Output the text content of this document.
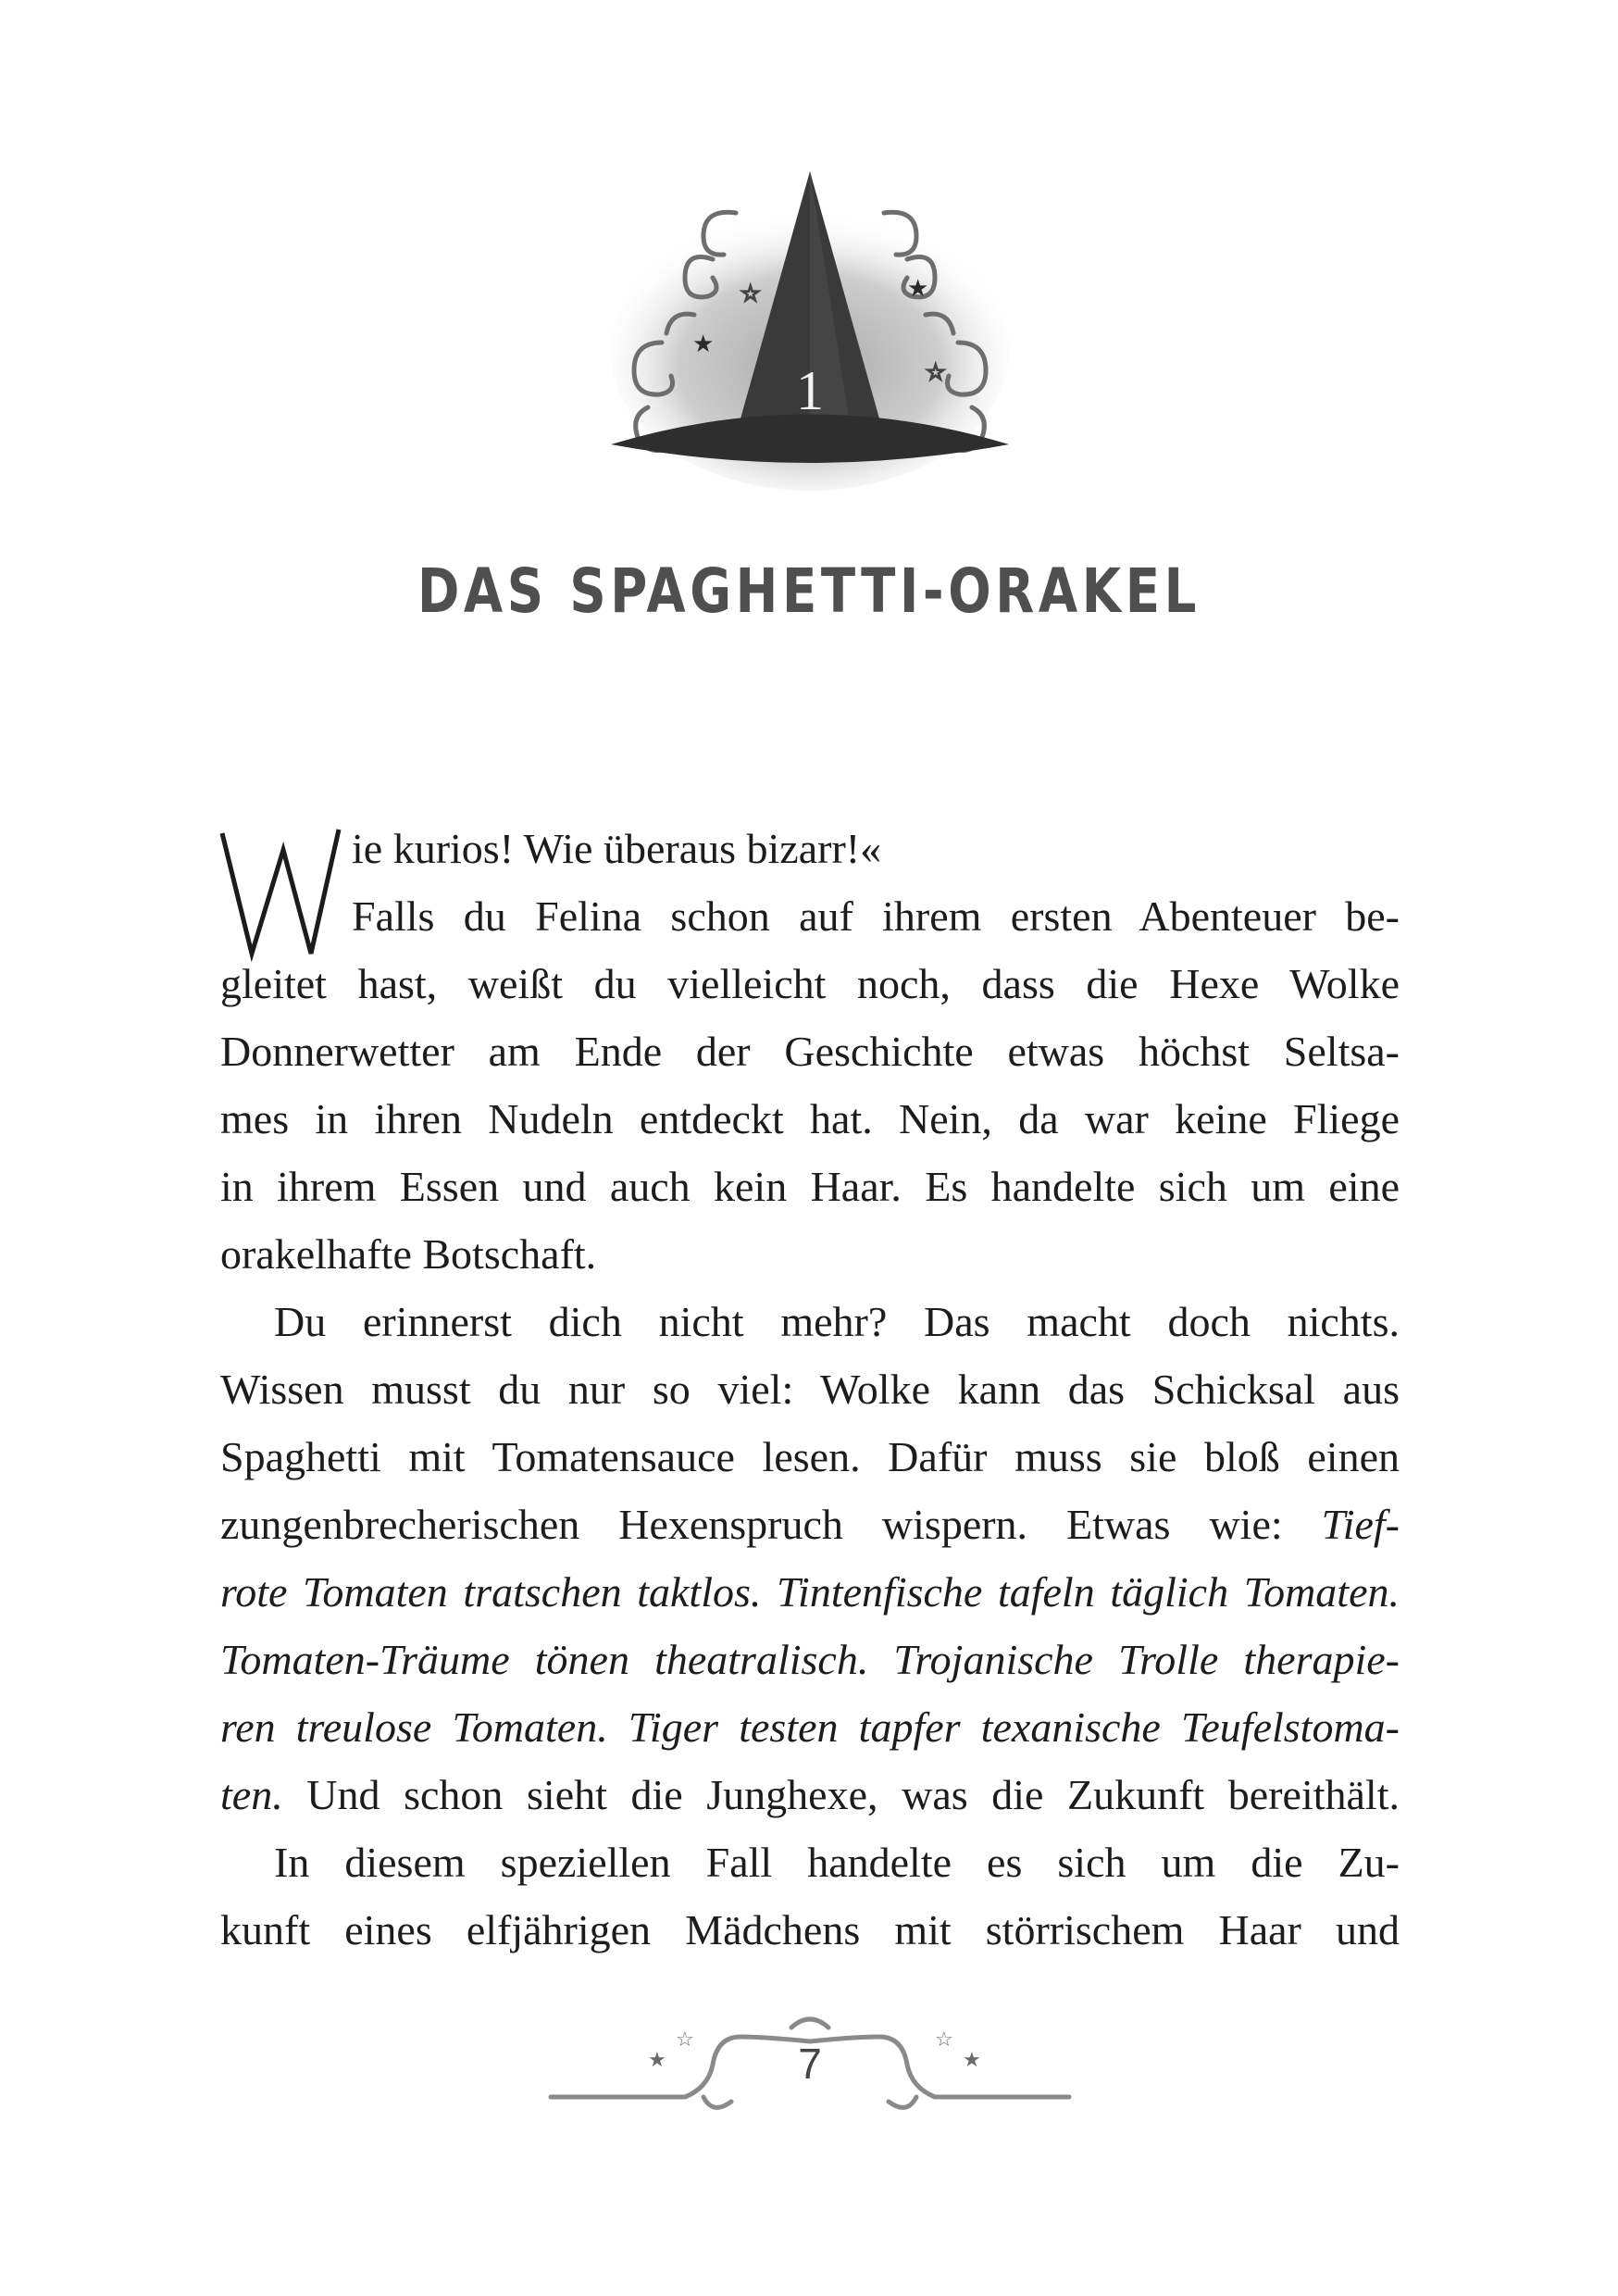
★
★
☆
☆
1
DAS SPAGHETTI-ORAKEL
W
ie kurios! Wie überaus bizarr!«
Falls du Felina schon auf ihrem ersten Abenteuer be-
gleitet hast, weißt du vielleicht noch, dass die Hexe Wolke
Donnerwetter am Ende der Geschichte etwas höchst Seltsa-
mes in ihren Nudeln entdeckt hat. Nein, da war keine Fliege
in ihrem Essen und auch kein Haar. Es handelte sich um eine
orakelhafte Botschaft.
Du erinnerst dich nicht mehr? Das macht doch nichts.
Wissen musst du nur so viel: Wolke kann das Schicksal aus
Spaghetti mit Tomatensauce lesen. Dafür muss sie bloß einen
zungenbrecherischen Hexenspruch wispern. Etwas wie: Tief-
rote Tomaten tratschen taktlos. Tintenfische tafeln täglich Tomaten.
Tomaten-Träume tönen theatralisch. Trojanische Trolle therapie-
ren treulose Tomaten. Tiger testen tapfer texanische Teufelstoma-
ten. Und schon sieht die Junghexe, was die Zukunft bereithält.
In diesem speziellen Fall handelte es sich um die Zu-
kunft eines elfjährigen Mädchens mit störrischem Haar und
★
☆	☆
★
7
